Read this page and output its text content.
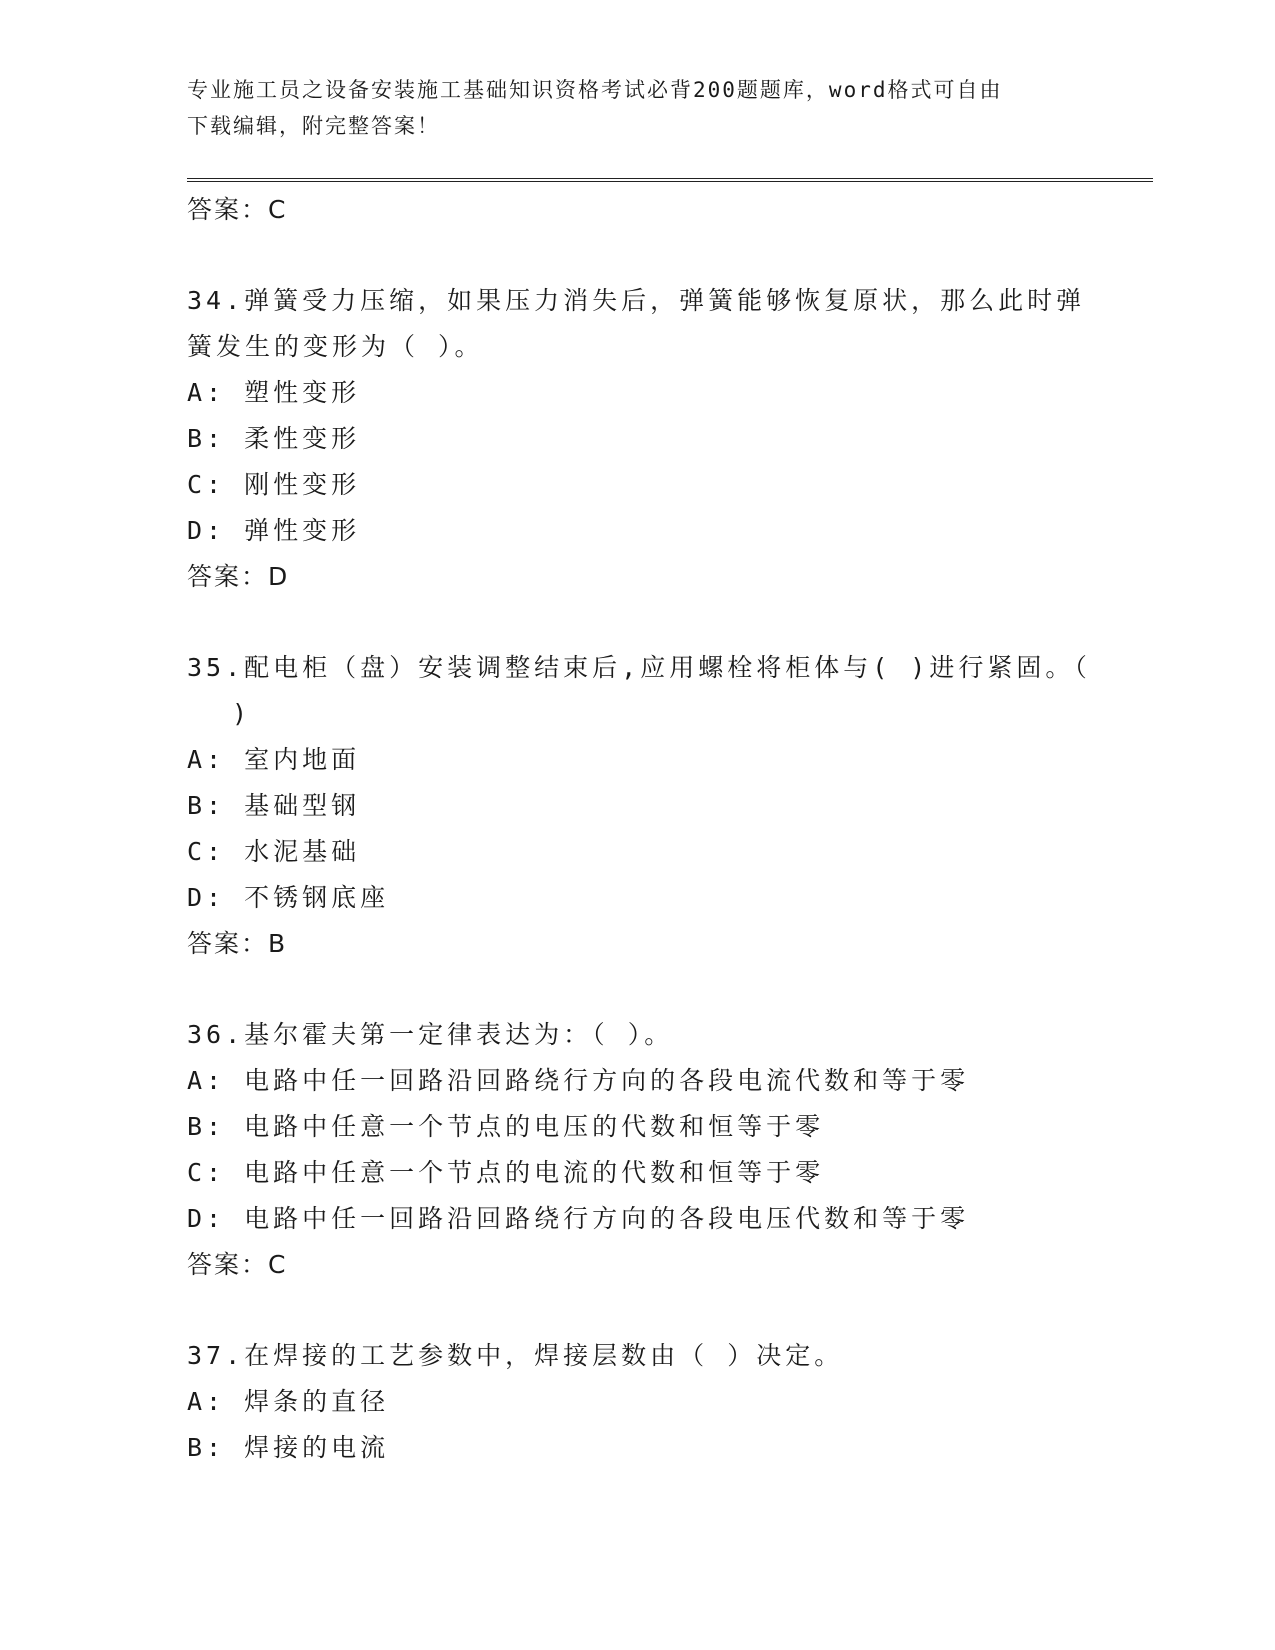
专业施工员之设备安装施工基础知识资格考试必背200题题库，word格式可自由
下载编辑，附完整答案！
答案：C
34.弹簧受力压缩，如果压力消失后，弹簧能够恢复原状，那么此时弹
簧发生的变形为（ ）。
A: 塑性变形
B: 柔性变形
C: 刚性变形
D: 弹性变形
答案：D
35.配电柜（盘）安装调整结束后,应用螺栓将柜体与( )进行紧固。（
)
A: 室内地面
B: 基础型钢
C: 水泥基础
D: 不锈钢底座
答案：B
36.基尔霍夫第一定律表达为：（ ）。
A: 电路中任一回路沿回路绕行方向的各段电流代数和等于零
B: 电路中任意一个节点的电压的代数和恒等于零
C: 电路中任意一个节点的电流的代数和恒等于零
D: 电路中任一回路沿回路绕行方向的各段电压代数和等于零
答案：C
37.在焊接的工艺参数中，焊接层数由（ ）决定。
A: 焊条的直径
B: 焊接的电流
